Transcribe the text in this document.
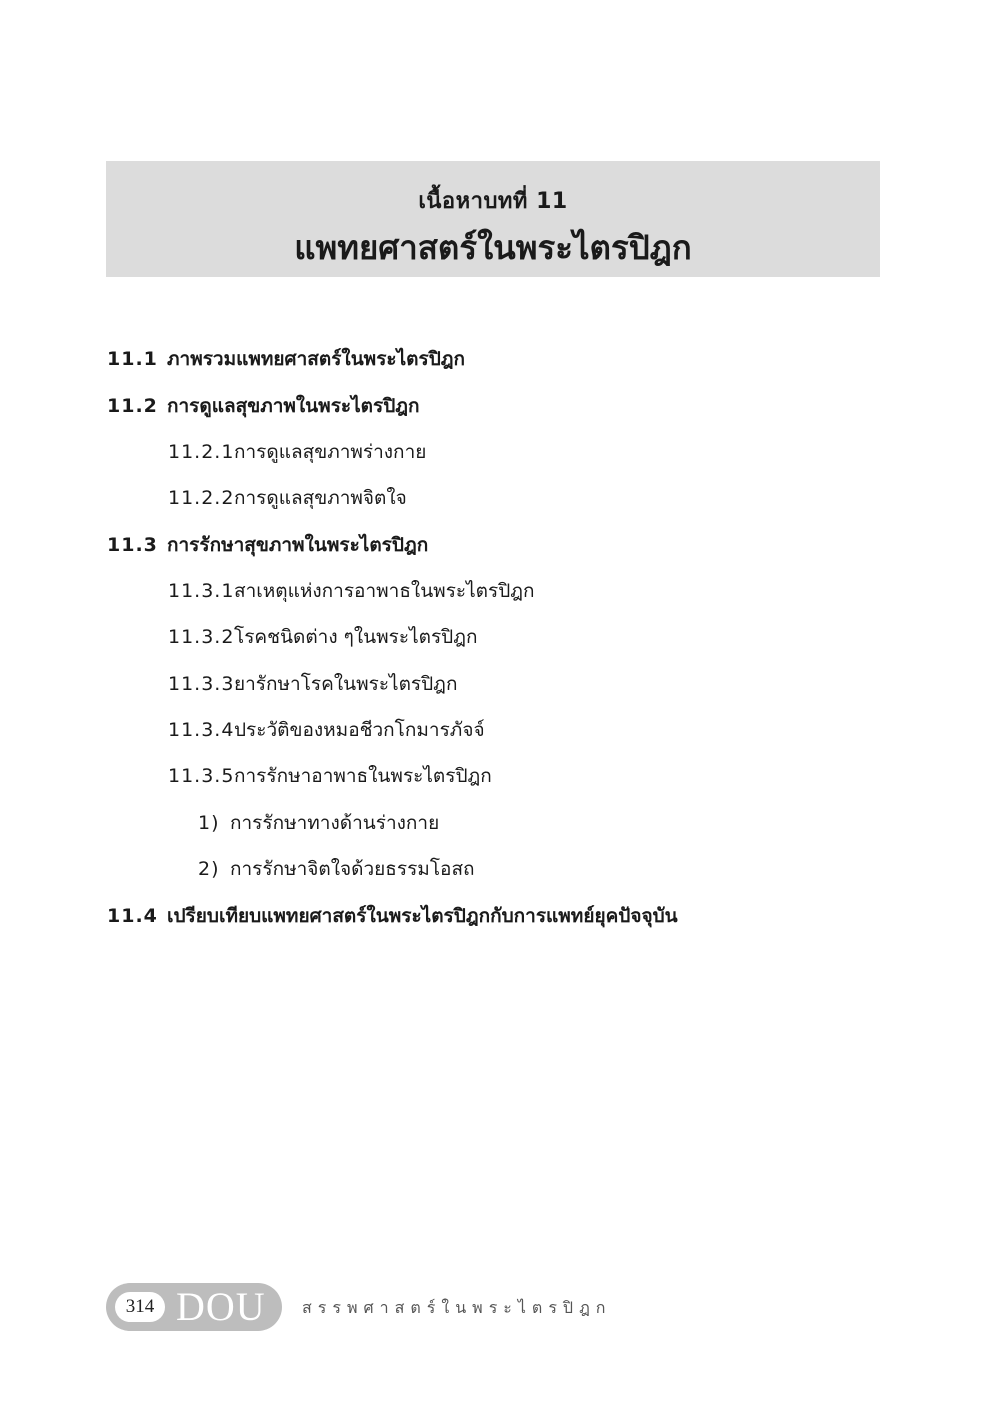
เนื้อหาบทที่ 11
แพทยศาสตร์ในพระไตรปิฎก
11.1 ภาพรวมแพทยศาสตร์ในพระไตรปิฎก
11.2 การดูแลสุขภาพในพระไตรปิฎก
11.2.1การดูแลสุขภาพร่างกาย
11.2.2การดูแลสุขภาพจิตใจ
11.3 การรักษาสุขภาพในพระไตรปิฎก
11.3.1สาเหตุแห่งการอาพาธในพระไตรปิฎก
11.3.2โรคชนิดต่าง ๆในพระไตรปิฎก
11.3.3ยารักษาโรคในพระไตรปิฎก
11.3.4ประวัติของหมอชีวกโกมารภัจจ์
11.3.5การรักษาอาพาธในพระไตรปิฎก
1) การรักษาทางด้านร่างกาย
2) การรักษาจิตใจด้วยธรรมโอสถ
11.4 เปรียบเทียบแพทยศาสตร์ในพระไตรปิฎกกับการแพทย์ยุคปัจจุบัน
314 DOU สรรพศาสตร์ในพระไตรปิฎก
